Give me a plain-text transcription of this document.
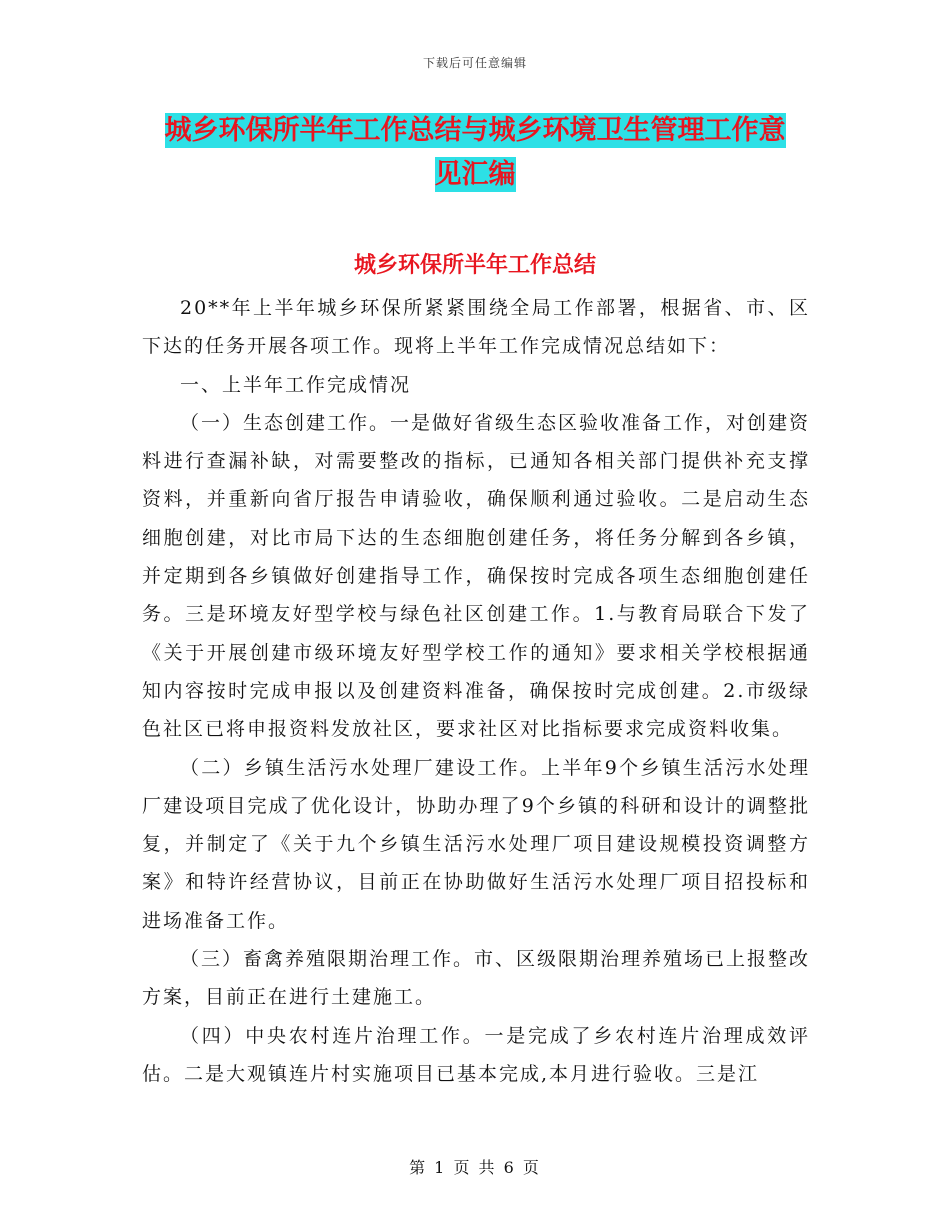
下载后可任意编辑
城乡环保所半年工作总结与城乡环境卫生管理工作意
见汇编
城乡环保所半年工作总结

20**年上半年城乡环保所紧紧围绕全局工作部署，根据省、市、区下达的任务开展各项工作。现将上半年工作完成情况总结如下：

一、上半年工作完成情况

（一）生态创建工作。一是做好省级生态区验收准备工作，对创建资料进行查漏补缺，对需要整改的指标，已通知各相关部门提供补充支撑资料，并重新向省厅报告申请验收，确保顺利通过验收。二是启动生态细胞创建，对比市局下达的生态细胞创建任务，将任务分解到各乡镇，并定期到各乡镇做好创建指导工作，确保按时完成各项生态细胞创建任务。三是环境友好型学校与绿色社区创建工作。1.与教育局联合下发了《关于开展创建市级环境友好型学校工作的通知》要求相关学校根据通知内容按时完成申报以及创建资料准备，确保按时完成创建。2.市级绿色社区已将申报资料发放社区，要求社区对比指标要求完成资料收集。

（二）乡镇生活污水处理厂建设工作。上半年9个乡镇生活污水处理厂建设项目完成了优化设计，协助办理了9个乡镇的科研和设计的调整批复，并制定了《关于九个乡镇生活污水处理厂项目建设规模投资调整方案》和特许经营协议，目前正在协助做好生活污水处理厂项目招投标和进场准备工作。

（三）畜禽养殖限期治理工作。市、区级限期治理养殖场已上报整改方案，目前正在进行土建施工。

（四）中央农村连片治理工作。一是完成了乡农村连片治理成效评估。二是大观镇连片村实施项目已基本完成,本月进行验收。三是江

第 1 页 共 6 页
